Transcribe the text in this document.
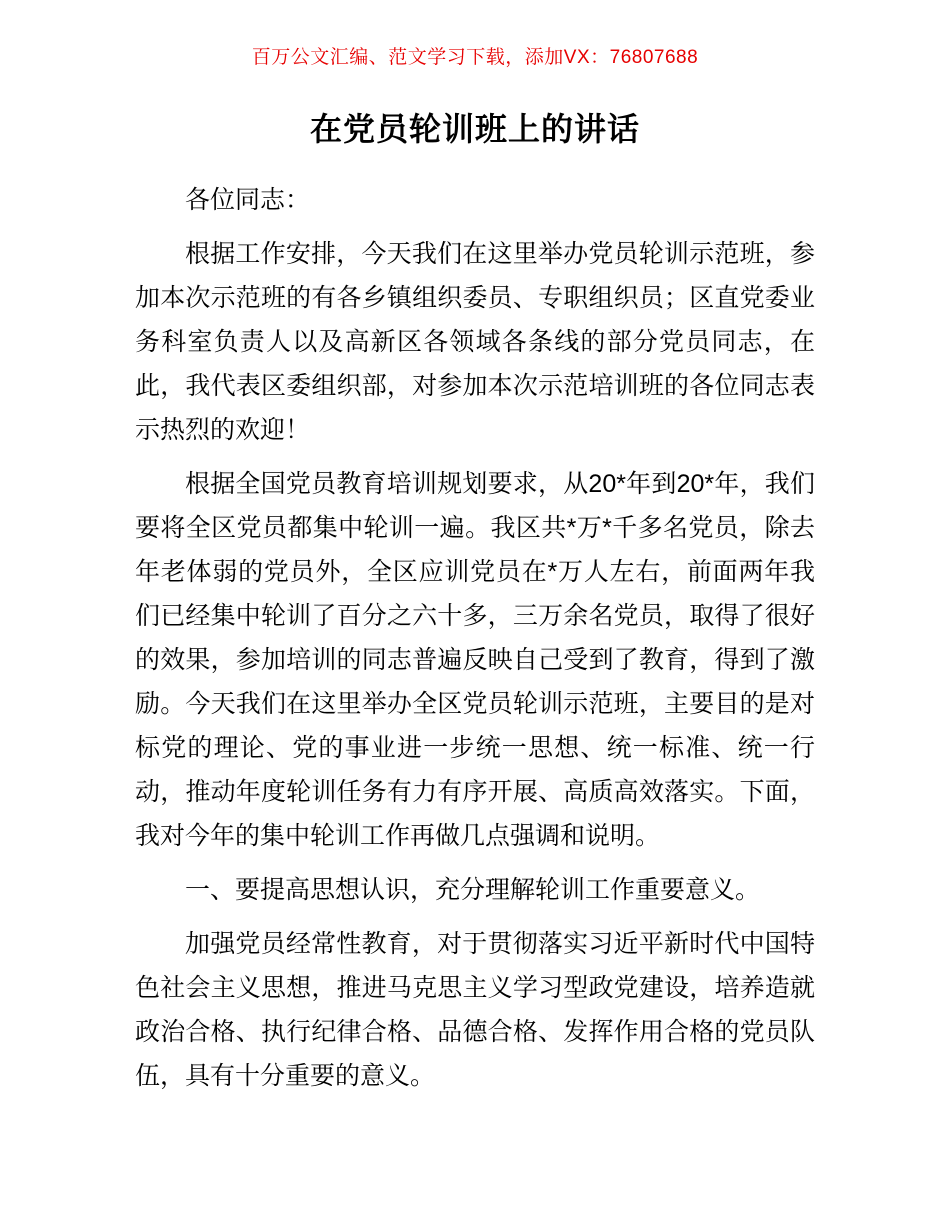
百万公文汇编、范文学习下载，添加VX：76807688
在党员轮训班上的讲话

各位同志：

根据工作安排，今天我们在这里举办党员轮训示范班，参加本次示范班的有各乡镇组织委员、专职组织员；区直党委业务科室负责人以及高新区各领域各条线的部分党员同志，在此，我代表区委组织部，对参加本次示范培训班的各位同志表示热烈的欢迎！

根据全国党员教育培训规划要求，从20*年到20*年，我们要将全区党员都集中轮训一遍。我区共*万*千多名党员，除去年老体弱的党员外，全区应训党员在*万人左右，前面两年我们已经集中轮训了百分之六十多，三万余名党员，取得了很好的效果，参加培训的同志普遍反映自己受到了教育，得到了激励。今天我们在这里举办全区党员轮训示范班，主要目的是对标党的理论、党的事业进一步统一思想、统一标准、统一行动，推动年度轮训任务有力有序开展、高质高效落实。下面，我对今年的集中轮训工作再做几点强调和说明。

一、要提高思想认识，充分理解轮训工作重要意义。

加强党员经常性教育，对于贯彻落实习近平新时代中国特色社会主义思想，推进马克思主义学习型政党建设，培养造就政治合格、执行纪律合格、品德合格、发挥作用合格的党员队伍，具有十分重要的意义。
